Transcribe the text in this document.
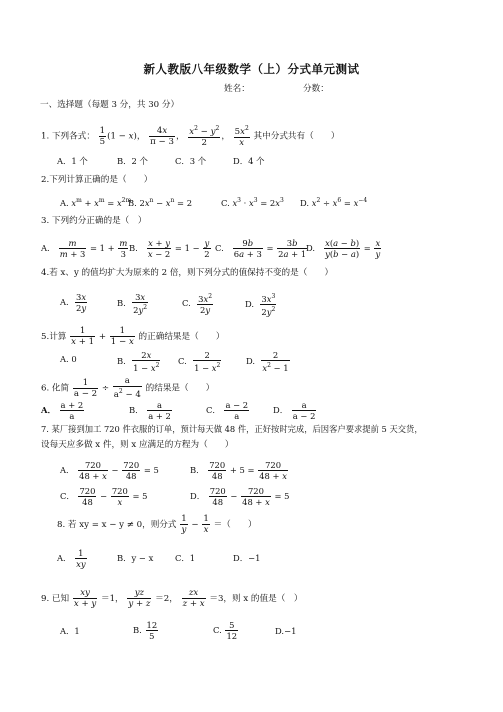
新人教版八年级数学（上）分式单元测试
姓名：	分数：
一、选择题（每题 3 分，共 30 分）
1. 下列各式： $\frac{1}{5} (1 - x)$， $\frac{4x}{\pi - 3}$ ， $\frac{x^2 - y^2}{2}$ ， $\frac{5x^2}{x}$ 其中分式共有（　　）
A．1 个	B．2 个	C．3 个	D．4 个
2.下列计算正确的是（　　）
A. $x^m + x^m = x^{2m}$
B. $2x^n - x^n = 2$	C. $x^3 \cdot x^3 = 2x^3$ D. $x^2 \div x^6 = x^{-4}$
3. 下列约分正确的是（　）
A. $\frac{m}{m + 3} = 1 + \frac{m}{3} B$. $\frac{x + y}{x - 2} = 1 - \frac{y}{2} C$. $\frac{9b}{6a + 3} = \frac{3b}{2a + 1}$
D. $\frac{x(a - b)}{y(b - a)} = \frac{x}{y}$
4.若 x、y 的值均扩大为原来的 2 倍，则下列分式的值保持不变的是（　　）
A. $\frac{3x}{2y}$	B. $\frac{3x}{2y^2}$	C. $\frac{3x^2}{2y}$	D. $\frac{3x^3}{2y^2}$
5.计算 $\frac{1}{x + 1} + \frac{1}{1 - x}$ 的正确结果是（　　）
A. 0	B. $\frac{2x}{1 - x^2} C$. $\frac{2}{1 - x^2}$	D. $\frac{2}{x^2 - 1}$
6. 化简 $\frac{1}{a - 2} \div \frac{a}{a^2 - 4}$ 的结果是（　　）
A． $\frac{a + 2}{a}$	B． $\frac{a}{a + 2}$	C． $\frac{a - 2}{a}$	D． $\frac{a}{a - 2}$
7. 某厂接到加工 720 件衣服的订单，预计每天做 48 件，正好按时完成，后因客户要求提前 5 天交货，
设每天应多做 x 件，则 x 应满足的方程为（　　）
A． $\frac{720}{48 + x} - \frac{720}{48} = 5$	B． $\frac{720}{48} + 5 = \frac{720}{48 + x}$
C． $\frac{720}{48} - \frac{720}{x} = 5$	D． $\frac{720}{48} - \frac{720}{48 + x} = 5$
8. 若 xy = x − y ≠ 0，则分式 $\frac{1}{y} - \frac{1}{x}$ ＝（　　）
A． $\frac{1}{xy}$	B．y − x	C．1	D．−1
9. 已知 $\frac{xy}{x + y} =1$， $\frac{yz}{y + z} =2$， $\frac{zx}{z + x} =3$，则 x 的值是（　）
A．1	B. $\frac{12}{5}$	C. $\frac{5}{12}$	D.−1
